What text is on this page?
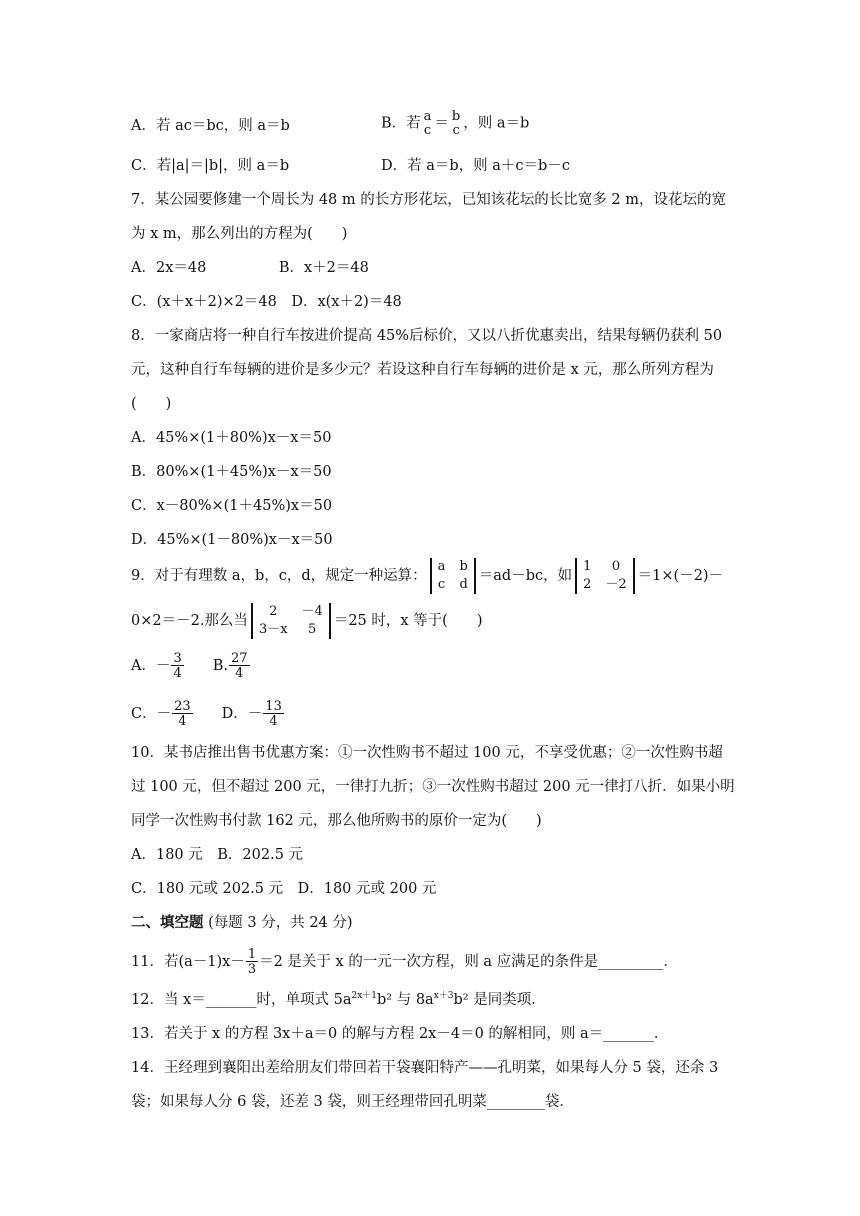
A．若 ac＝bc，则 a＝b	B．若 a
c ＝ b
c ，则 a＝b
C．若|a|＝|b|，则 a＝b	D．若 a＝b，则 a＋c＝b－c
7．某公园要修建一个周长为 48 m 的长方形花坛，已知该花坛的长比宽多 2 m，设花坛的宽
为 x m，那么列出的方程为(　　)
A．2x＝48　　　　　B．x＋2＝48
C．(x＋x＋2)×2＝48　D．x(x＋2)＝48
8．一家商店将一种自行车按进价提高 45%后标价，又以八折优惠卖出，结果每辆仍获利 50
元，这种自行车每辆的进价是多少元？若设这种自行车每辆的进价是 x 元，那么所列方程为
(　　)
A．45%×(1＋80%)x－x＝50
B．80%×(1＋45%)x－x＝50
C．x－80%×(1＋45%)x＝50
D．45%×(1－80%)x－x＝50
9．对于有理数 a，b，c，d，规定一种运算：
a b
c d
＝ad－bc，如
1	0
2 －2
＝1×(－2)－
0×2＝－2.那么当
2	－4
3－x	5
＝25 时，x 等于(　　)
A．－ $\frac{3}{4} B$. $\frac{27}{4}$
C．－ $\frac{23}{4}$ D．－ $\frac{13}{4}$
10．某书店推出售书优惠方案：①一次性购书不超过 100 元，不享受优惠；②一次性购书超
过 100 元，但不超过 200 元，一律打九折；③一次性购书超过 200 元一律打八折．如果小明
同学一次性购书付款 162 元，那么他所购书的原价一定为(　　)
A．180 元　B．202.5 元
C．180 元或 202.5 元　D．180 元或 200 元
二、填空题 (每题 3 分，共 24 分)
11．若$(a-1)x- \frac{1}{3} =2$ 是关于 x 的一元一次方程，则 a 应满足的条件是_________．
12．当 x＝_______时，单项式 $5a^{2x+1}b^2$ 与 $8a^{x+3}b^2$ 是同类项．
13．若关于 x 的方程 3x＋a＝0 的解与方程 2x－4＝0 的解相同，则 a＝_______．
14．王经理到襄阳出差给朋友们带回若干袋襄阳特产——孔明菜，如果每人分 5 袋，还余 3
袋；如果每人分 6 袋，还差 3 袋，则王经理带回孔明菜________袋．
